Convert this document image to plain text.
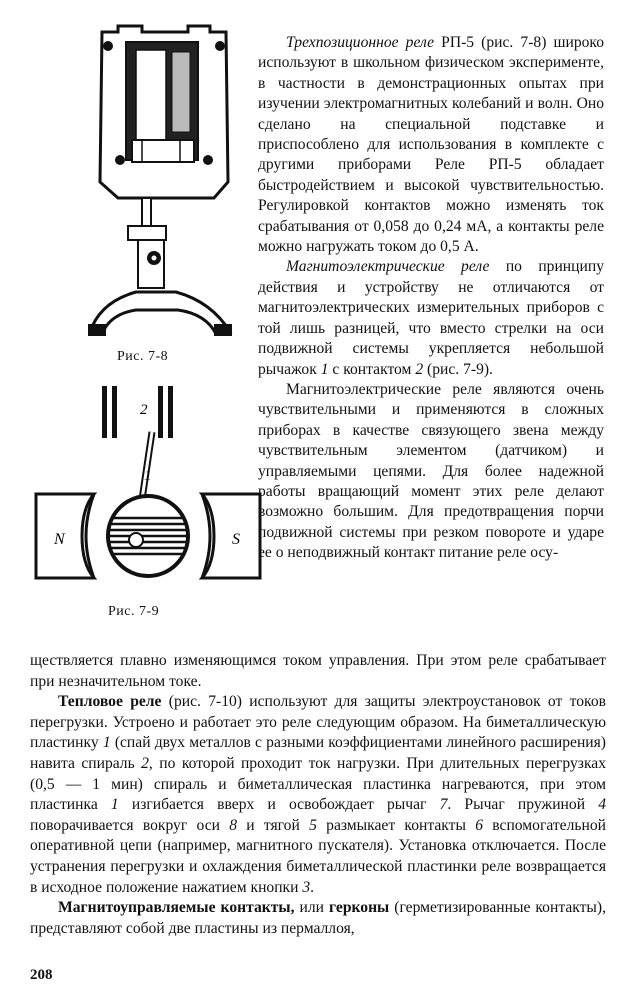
Рис. 7-8
2
1
N	S
Рис. 7-9

Трехпозиционное реле РП-5 (рис. 7-8) широко используют в школьном физическом эксперименте, в частности в демонстрационных опытах при изучении электромагнитных колебаний и волн. Оно сделано на специальной подставке и приспособлено для использования в комплекте с другими приборами Реле РП-5 обладает быстродействием и высокой чувствительностью. Регулировкой контактов можно изменять ток срабатывания от 0,058 до 0,24 мА, а контакты реле можно нагружать током до 0,5 А.

Магнитоэлектрические реле по принципу действия и устройству не отличаются от магнитоэлектрических измерительных приборов с той лишь разницей, что вместо стрелки на оси подвижной системы укрепляется небольшой рычажок 1 с контактом 2 (рис. 7-9).

Магнитоэлектрические реле являются очень чувствительными и применяются в сложных приборах в качестве связующего звена между чувствительным элементом (датчиком) и управляемыми цепями. Для более надежной работы вращающий момент этих реле делают возможно большим. Для предотвращения порчи подвижной системы при резком повороте и ударе ее о неподвижный контакт питание реле осу-

ществляется плавно изменяющимся током управления. При этом реле срабатывает при незначительном токе.

Тепловое реле (рис. 7-10) используют для защиты электроустановок от токов перегрузки. Устроено и работает это реле следующим образом. На биметаллическую пластинку 1 (спай двух металлов с разными коэффициентами линейного расширения) навита спираль 2, по которой проходит ток нагрузки. При длительных перегрузках (0,5 — 1 мин) спираль и биметаллическая пластинка нагреваются, при этом пластинка 1 изгибается вверх и освобождает рычаг 7. Рычаг пружиной 4 поворачивается вокруг оси 8 и тягой 5 размыкает контакты 6 вспомогательной оперативной цепи (например, магнитного пускателя). Установка отключается. После устранения перегрузки и охлаждения биметаллической пластинки реле возвращается в исходное положение нажатием кнопки 3.

Магнитоуправляемые контакты, или герконы (герметизированные контакты), представляют собой две пластины из пермаллоя,

208
